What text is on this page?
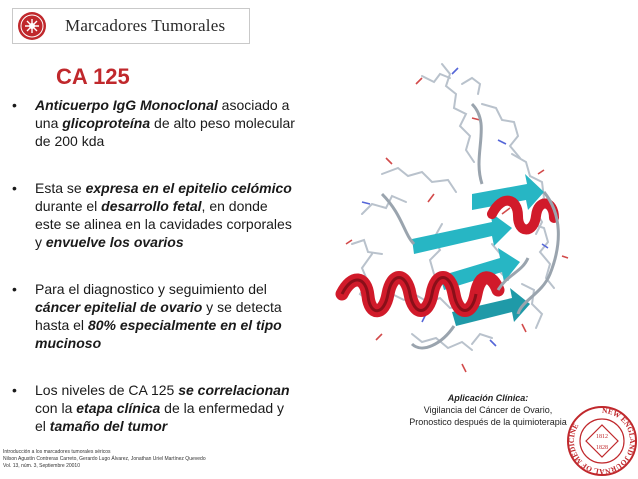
Marcadores Tumorales
CA 125
• Anticuerpo IgG Monoclonal asociado a una glicoproteína de alto peso molecular de 200 kda
• Esta se expresa en el epitelio celómico durante el desarrollo fetal, en donde este se alinea en la cavidades corporales y envuelve los ovarios
• Para el diagnostico y seguimiento del cáncer epitelial de ovario y se detecta hasta el 80% especialmente en el tipo mucinoso
• Los niveles de CA 125 se correlacionan con la etapa clínica de la enfermedad y el tamaño del tumor
Aplicación Clínica:
Vigilancia del Cáncer de Ovario,
Pronostico después de la quimioterapia
Introducción a los marcadores tumorales séricos
Nilson Agustín Contreras Carreto, Gerardo Lugo Álvarez, Jonathan Uriel Martínez Quevedo
Vol. 13, núm. 3, Septiembre 20010
NEW ENGLAND JOURNAL OF MEDICINE
1812
1828
